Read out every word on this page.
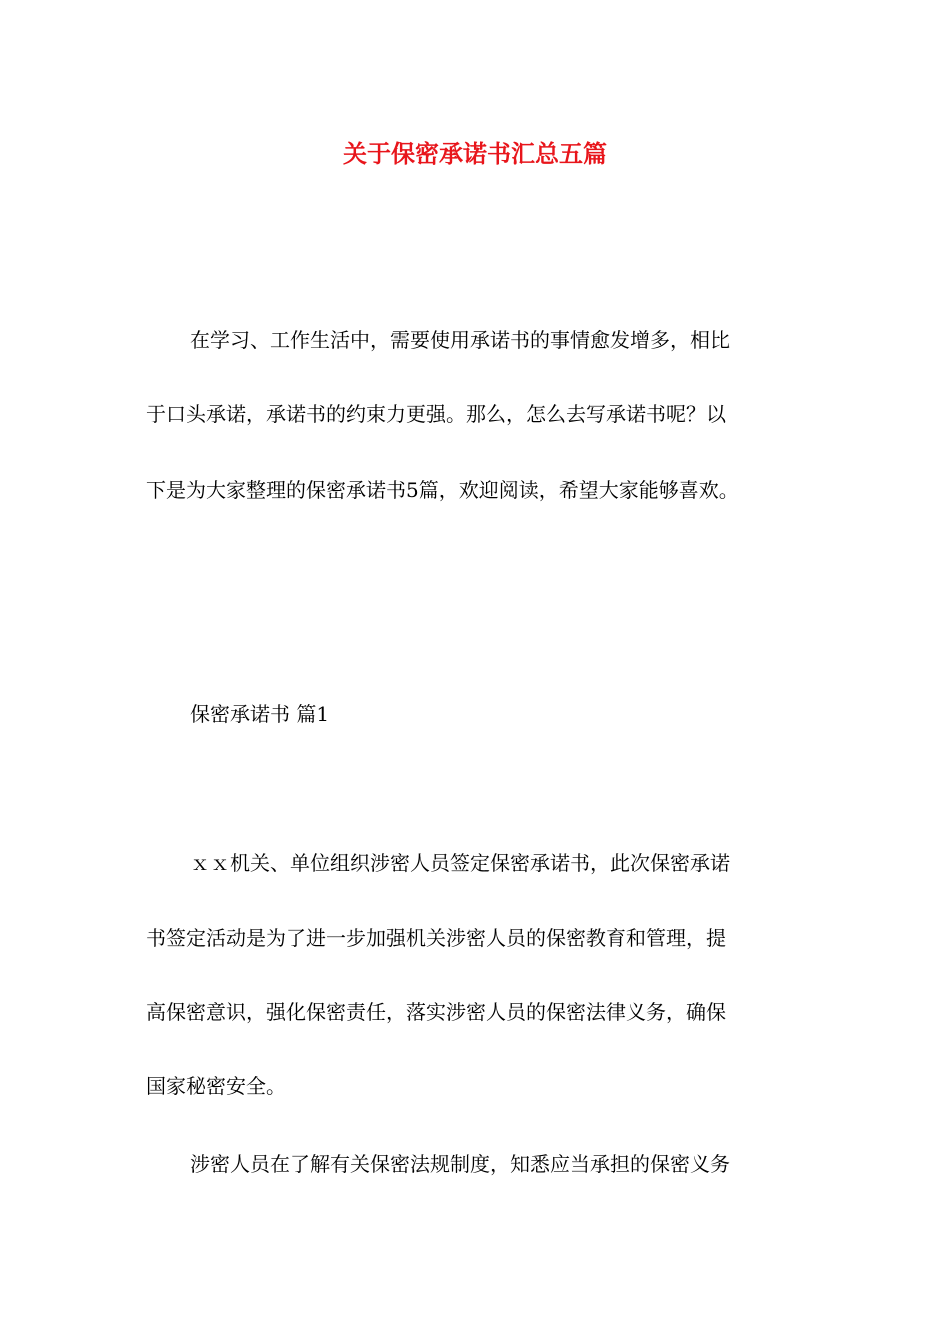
关于保密承诺书汇总五篇

在学习、工作生活中，需要使用承诺书的事情愈发增多，相比

于口头承诺，承诺书的约束力更强。那么，怎么去写承诺书呢？以

下是为大家整理的保密承诺书5篇，欢迎阅读，希望大家能够喜欢。

保密承诺书 篇1

ｘｘ机关、单位组织涉密人员签定保密承诺书，此次保密承诺

书签定活动是为了进一步加强机关涉密人员的保密教育和管理，提

高保密意识，强化保密责任，落实涉密人员的保密法律义务，确保

国家秘密安全。

涉密人员在了解有关保密法规制度，知悉应当承担的保密义务
